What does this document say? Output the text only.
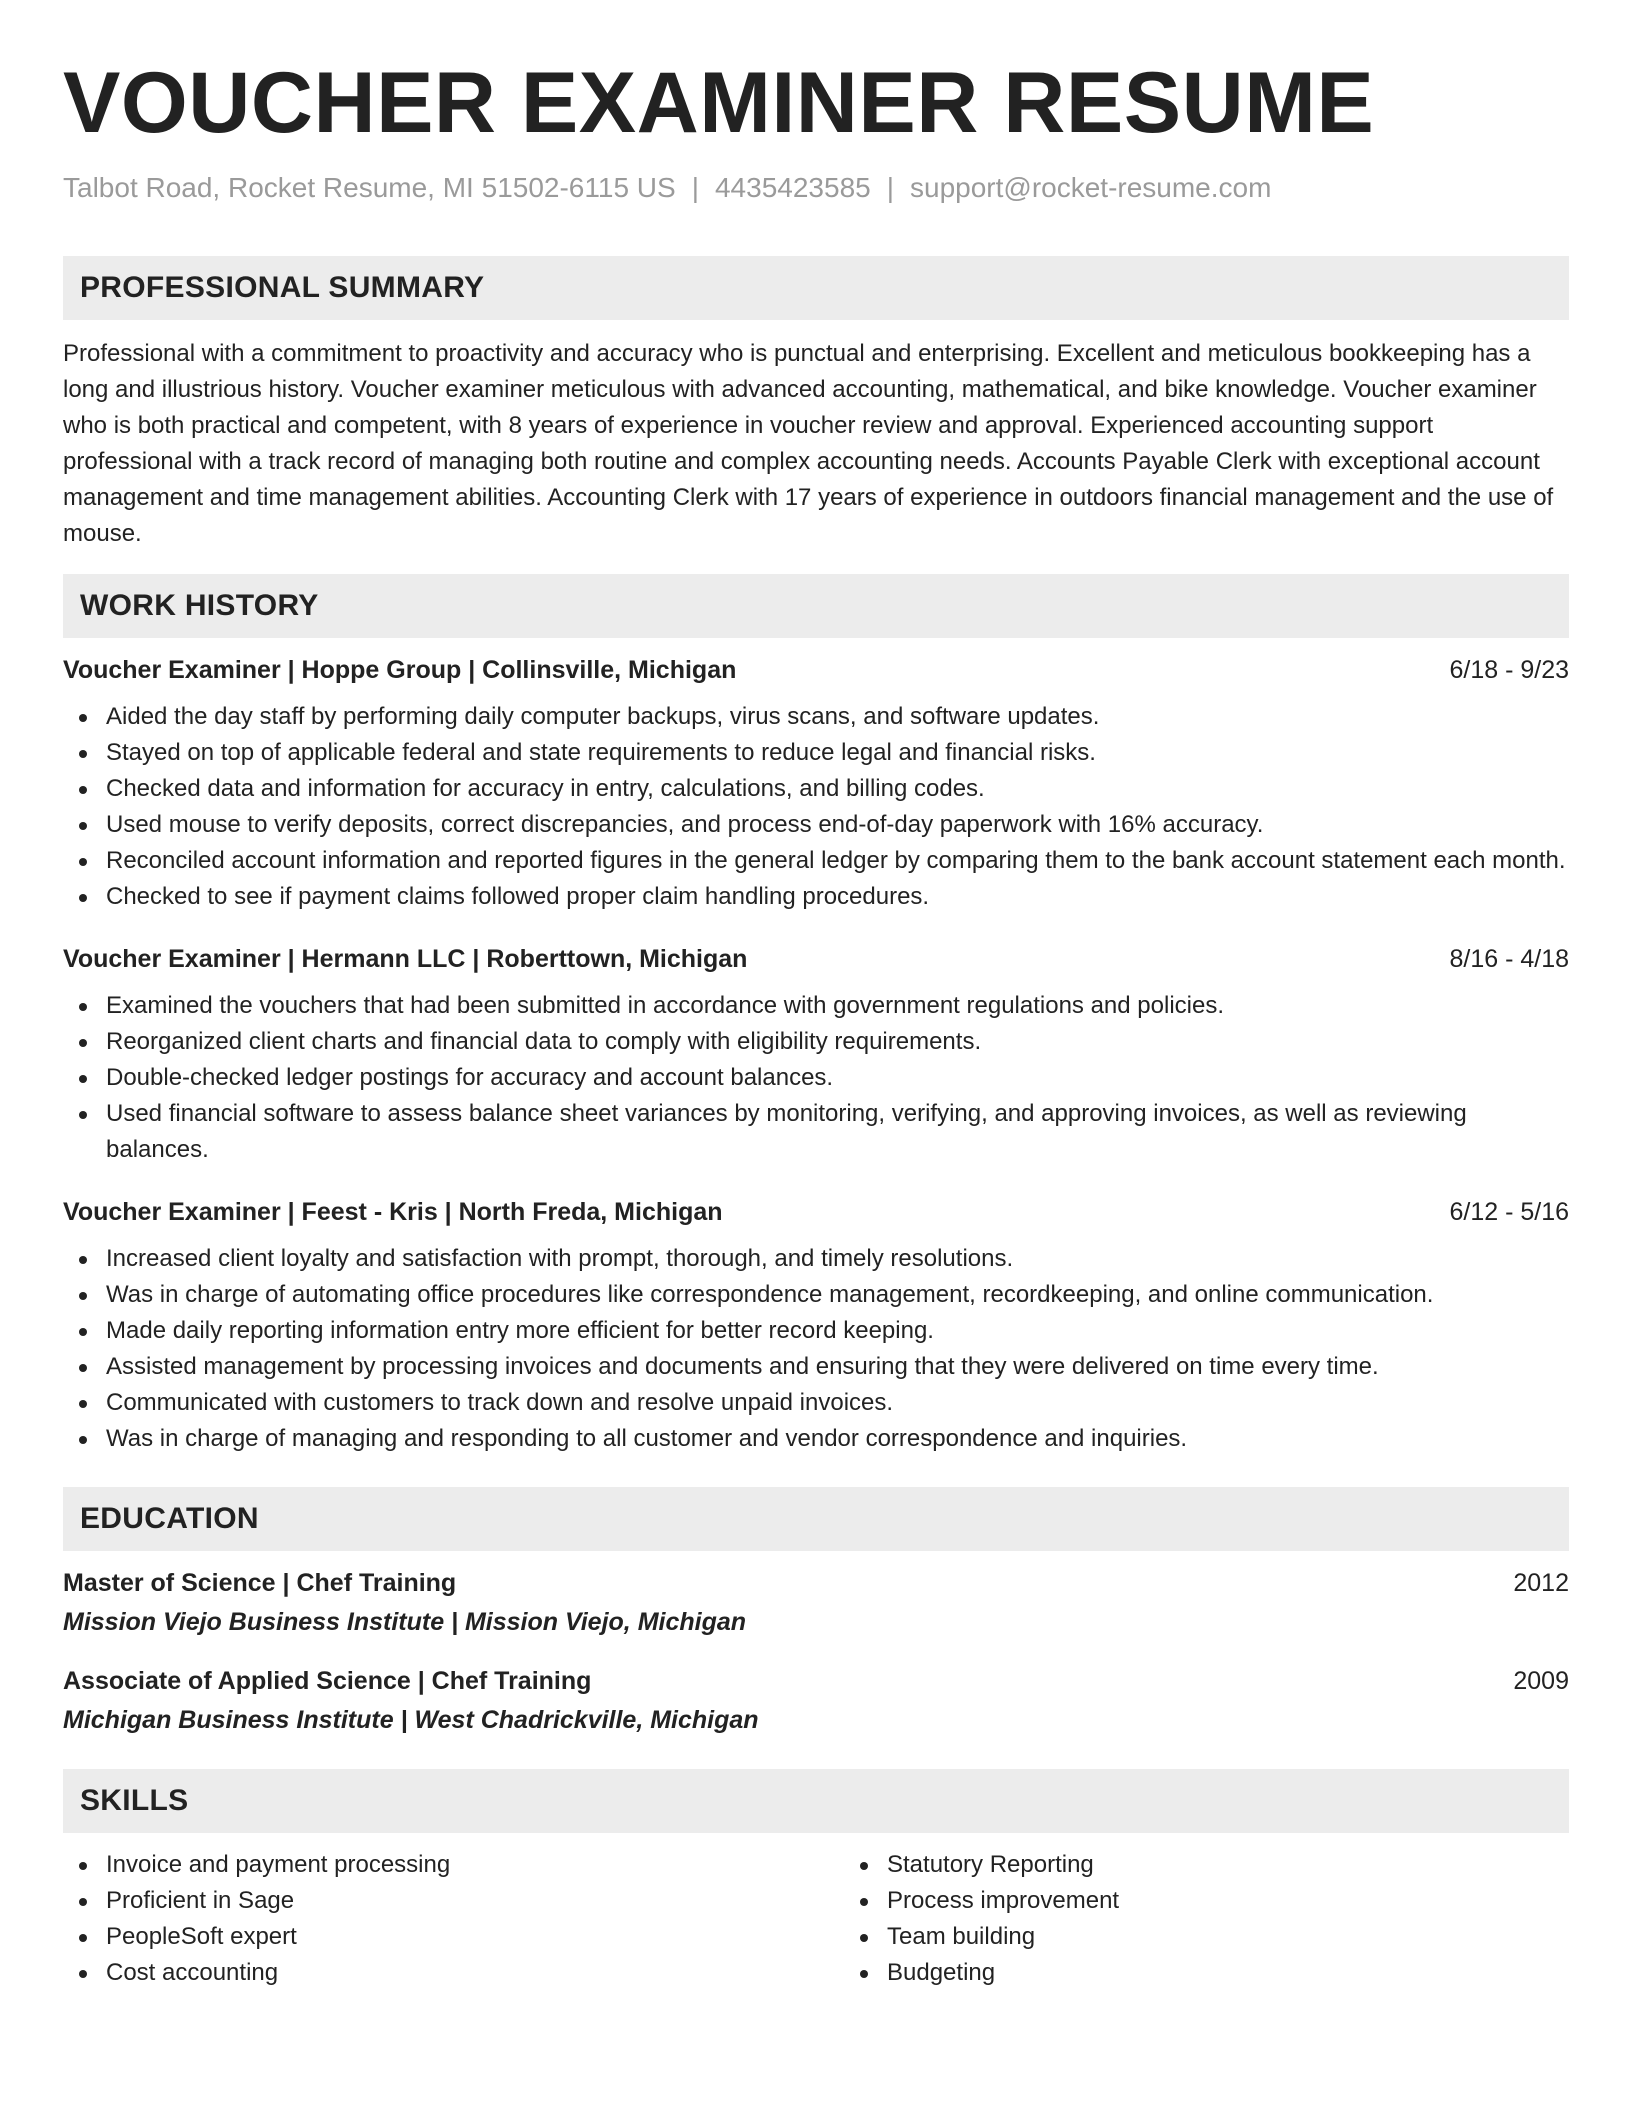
VOUCHER EXAMINER RESUME
Talbot Road, Rocket Resume, MI 51502-6115 US | 4435423585 | support@rocket-resume.com
PROFESSIONAL SUMMARY
Professional with a commitment to proactivity and accuracy who is punctual and enterprising. Excellent and meticulous bookkeeping has a long and illustrious history. Voucher examiner meticulous with advanced accounting, mathematical, and bike knowledge. Voucher examiner who is both practical and competent, with 8 years of experience in voucher review and approval. Experienced accounting support professional with a track record of managing both routine and complex accounting needs. Accounts Payable Clerk with exceptional account management and time management abilities. Accounting Clerk with 17 years of experience in outdoors financial management and the use of mouse.
WORK HISTORY
Voucher Examiner | Hoppe Group | Collinsville, Michigan	6/18 - 9/23
Aided the day staff by performing daily computer backups, virus scans, and software updates.
Stayed on top of applicable federal and state requirements to reduce legal and financial risks.
Checked data and information for accuracy in entry, calculations, and billing codes.
Used mouse to verify deposits, correct discrepancies, and process end-of-day paperwork with 16% accuracy.
Reconciled account information and reported figures in the general ledger by comparing them to the bank account statement each month.
Checked to see if payment claims followed proper claim handling procedures.
Voucher Examiner | Hermann LLC | Roberttown, Michigan	8/16 - 4/18
Examined the vouchers that had been submitted in accordance with government regulations and policies.
Reorganized client charts and financial data to comply with eligibility requirements.
Double-checked ledger postings for accuracy and account balances.
Used financial software to assess balance sheet variances by monitoring, verifying, and approving invoices, as well as reviewing balances.
Voucher Examiner | Feest - Kris | North Freda, Michigan	6/12 - 5/16
Increased client loyalty and satisfaction with prompt, thorough, and timely resolutions.
Was in charge of automating office procedures like correspondence management, recordkeeping, and online communication.
Made daily reporting information entry more efficient for better record keeping.
Assisted management by processing invoices and documents and ensuring that they were delivered on time every time.
Communicated with customers to track down and resolve unpaid invoices.
Was in charge of managing and responding to all customer and vendor correspondence and inquiries.
EDUCATION
Master of Science | Chef Training	2012
Mission Viejo Business Institute | Mission Viejo, Michigan
Associate of Applied Science | Chef Training	2009
Michigan Business Institute | West Chadrickville, Michigan
SKILLS
Invoice and payment processing
Proficient in Sage
PeopleSoft expert
Cost accounting
Statutory Reporting
Process improvement
Team building
Budgeting
